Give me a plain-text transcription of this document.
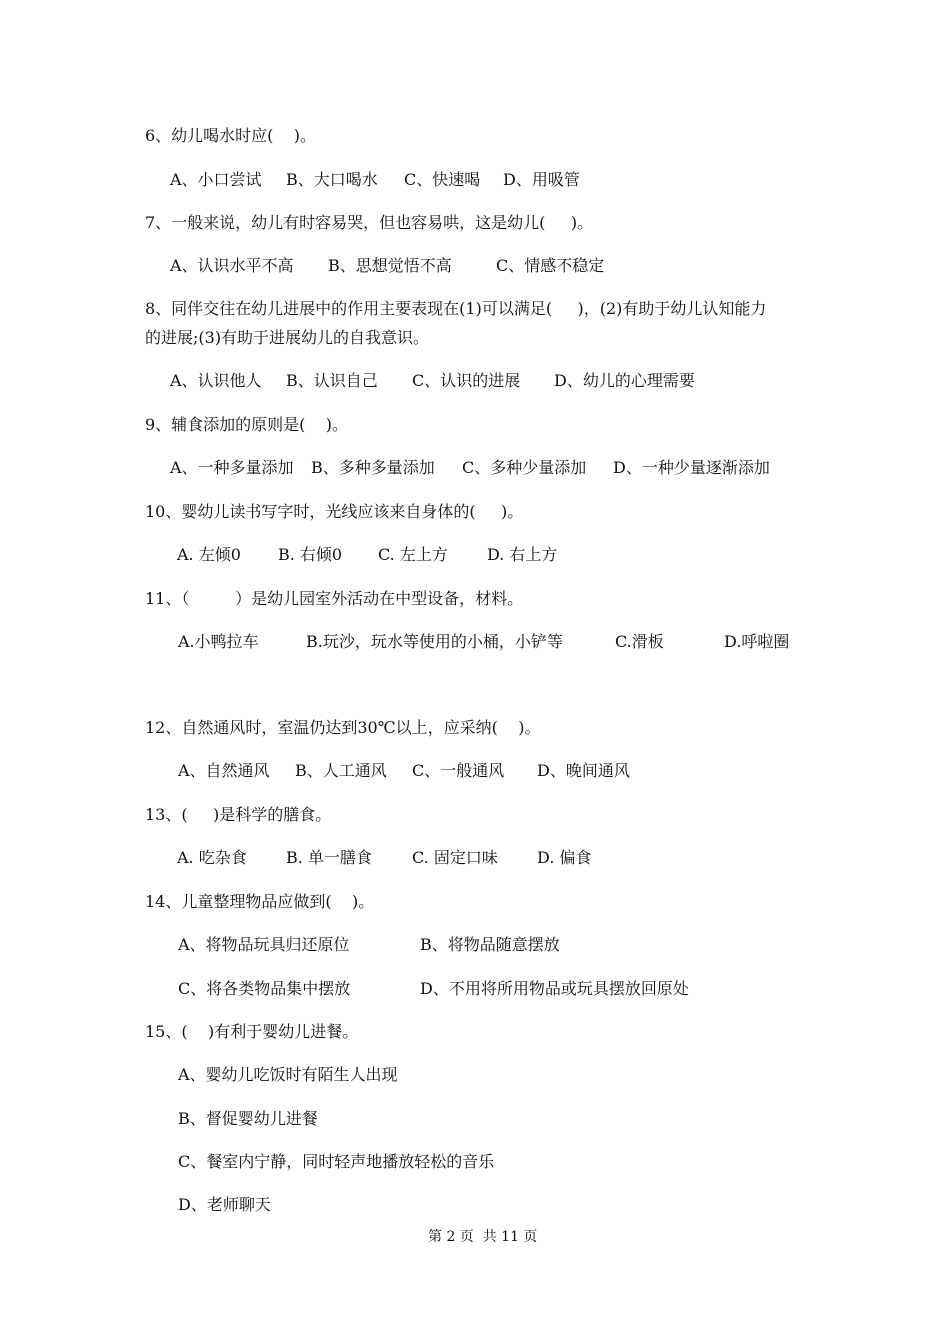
6、幼儿喝水时应(    )。
A、小口尝试 B、大口喝水 C、快速喝 D、用吸管
7、一般来说，幼儿有时容易哭，但也容易哄，这是幼儿(     )。
A、认识水平不高 B、思想觉悟不高	C、情感不稳定
8、同伴交往在幼儿进展中的作用主要表现在(1)可以满足(     )，(2)有助于幼儿认知能力
的进展;(3)有助于进展幼儿的自我意识。
A、认识他人 B、认识自己 C、认识的进展 D、幼儿的心理需要
9、辅食添加的原则是(    )。
A、一种多量添加 B、多种多量添加 C、多种少量添加 D、一种少量逐渐添加
10、婴幼儿读书写字时，光线应该来自身体的(     )。
A. 左倾0 B. 右倾0 C. 左上方 D. 右上方
11、（         ）是幼儿园室外活动在中型设备，材料。
A.小鸭拉车	B.玩沙，玩水等使用的小桶，小铲等	C.滑板	D.呼啦圈
12、自然通风时，室温仍达到30℃以上，应采纳(    )。
A、自然通风 B、人工通风 C、一般通风 D、晚间通风
13、(     )是科学的膳食。
A. 吃杂食 B. 单一膳食	C. 固定口味 D. 偏食
14、儿童整理物品应做到(    )。
A、将物品玩具归还原位	B、将物品随意摆放
C、将各类物品集中摆放	D、不用将所用物品或玩具摆放回原处
15、(    )有利于婴幼儿进餐。
A、婴幼儿吃饭时有陌生人出现
B、督促婴幼儿进餐
C、餐室内宁静，同时轻声地播放轻松的音乐
D、老师聊天
第 2 页  共 11 页
